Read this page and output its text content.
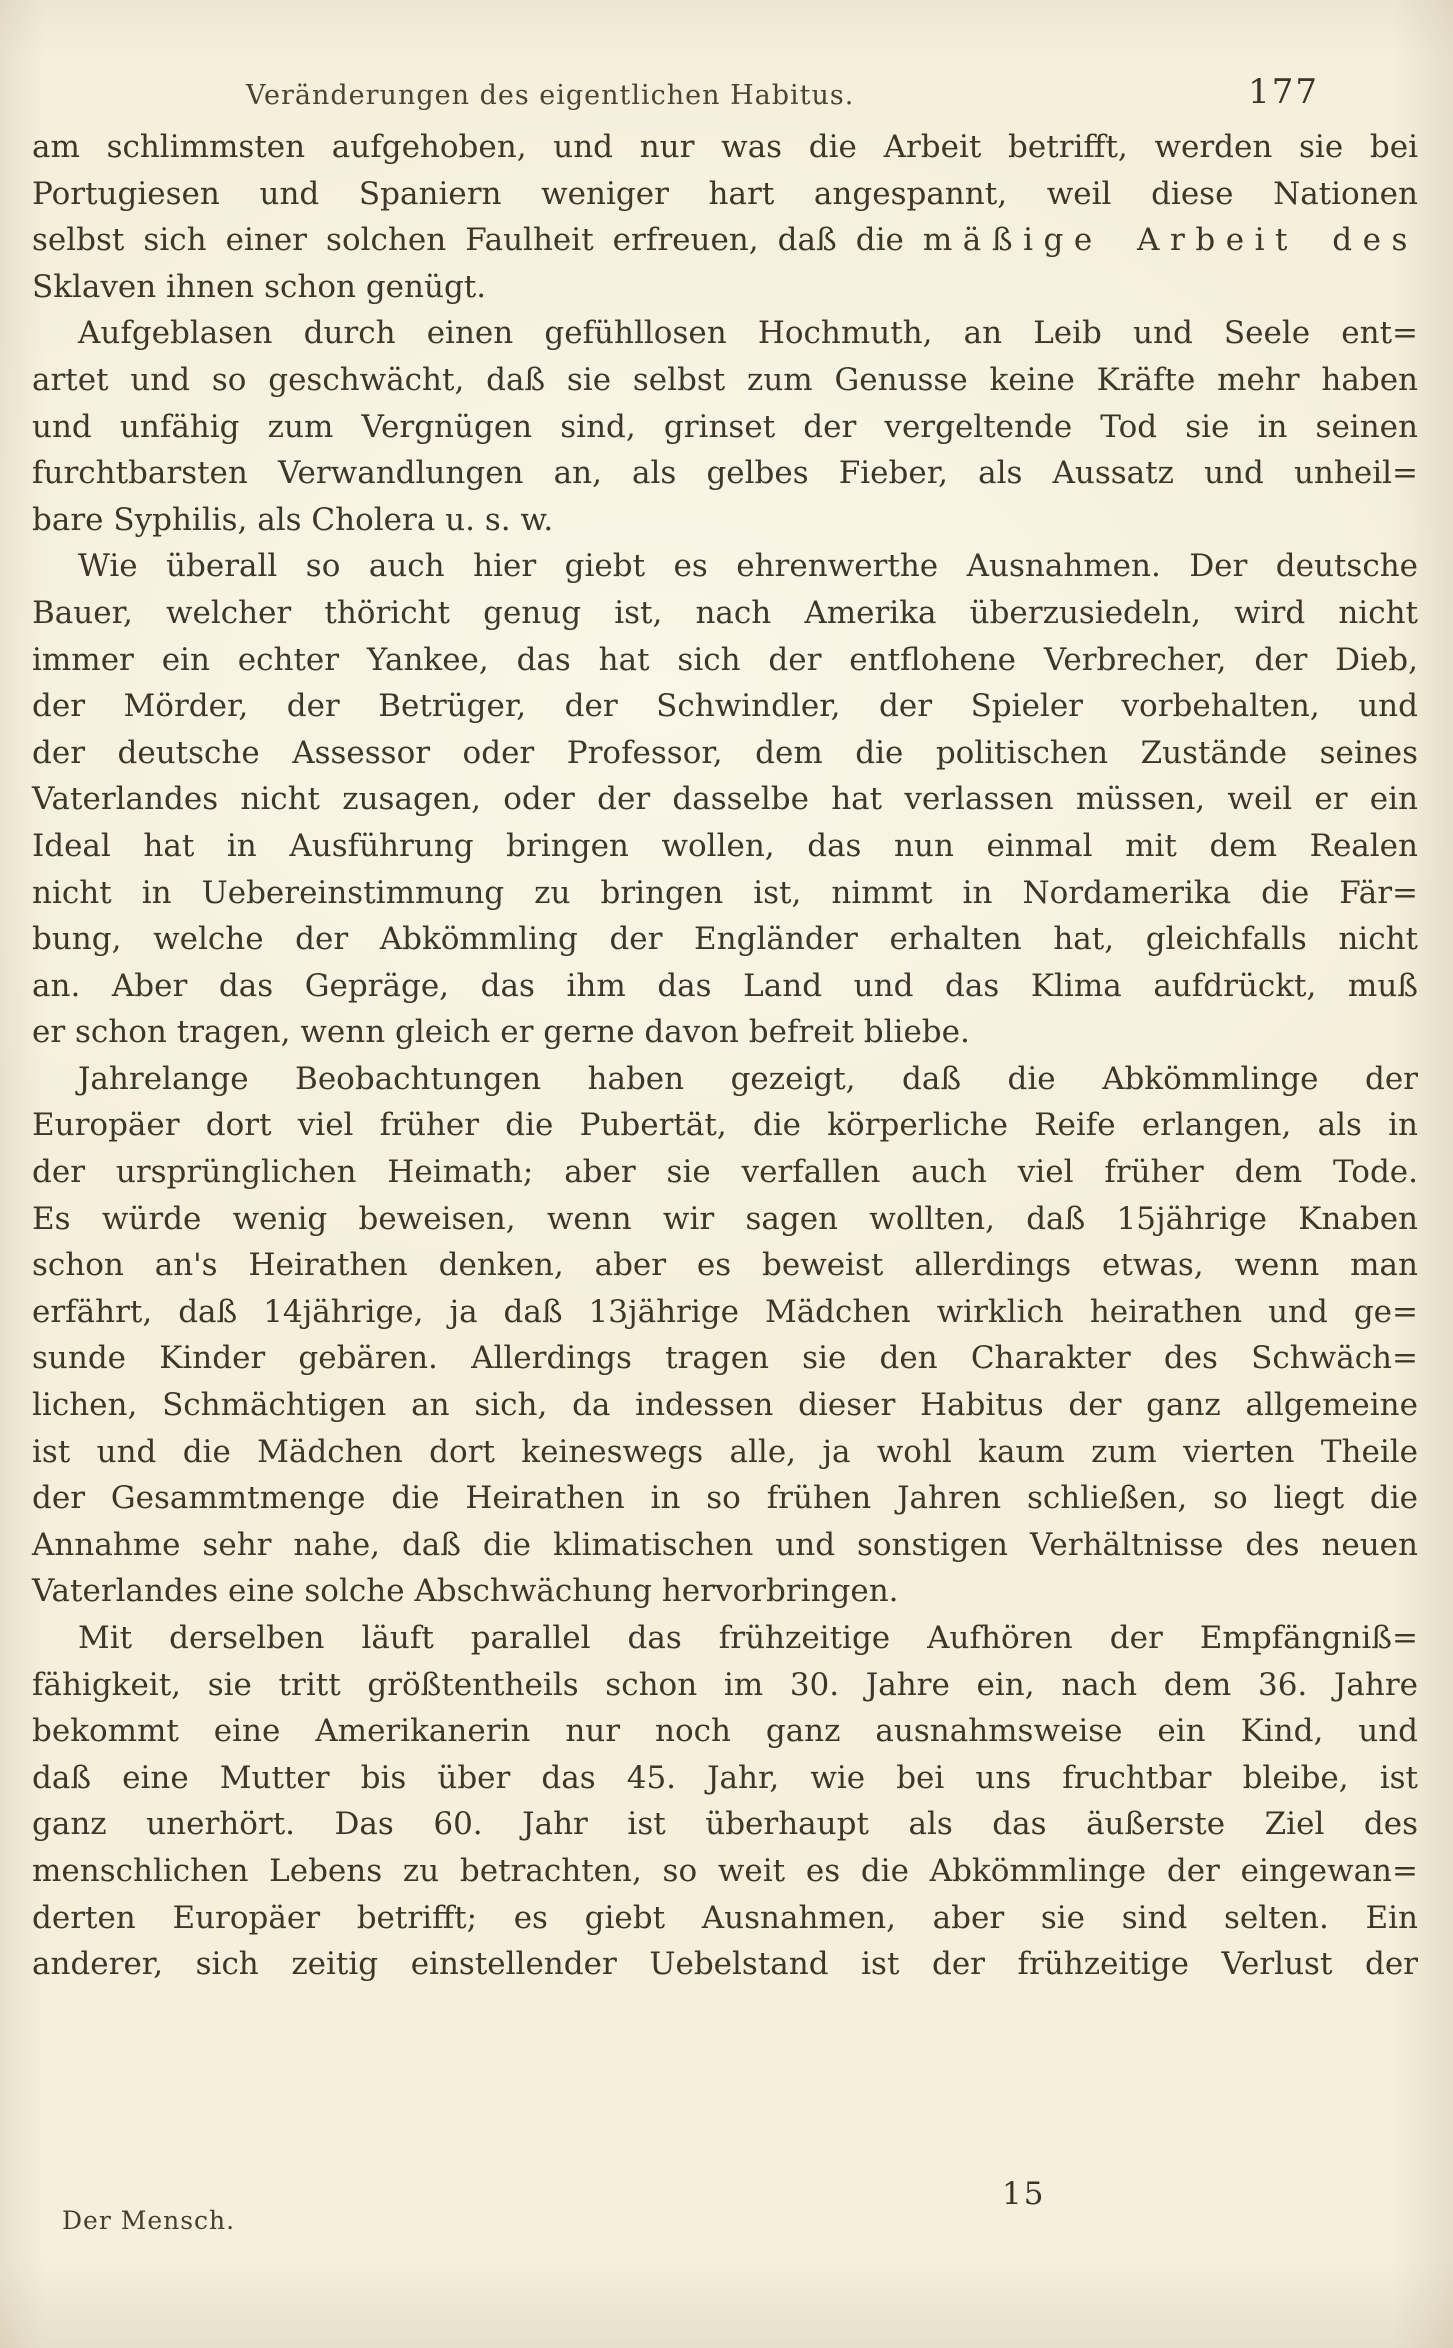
Veränderungen des eigentlichen Habitus.	177
am schlimmsten aufgehoben, und nur was die Arbeit betrifft, werden sie bei
Portugiesen und Spaniern weniger hart angespannt, weil diese Nationen
selbst sich einer solchen Faulheit erfreuen, daß die mäßige Arbeit des
Sklaven ihnen schon genügt.
Aufgeblasen durch einen gefühllosen Hochmuth, an Leib und Seele ent=
artet und so geschwächt, daß sie selbst zum Genusse keine Kräfte mehr haben
und unfähig zum Vergnügen sind, grinset der vergeltende Tod sie in seinen
furchtbarsten Verwandlungen an, als gelbes Fieber, als Aussatz und unheil=
bare Syphilis, als Cholera u. s. w.
Wie überall so auch hier giebt es ehrenwerthe Ausnahmen. Der deutsche
Bauer, welcher thöricht genug ist, nach Amerika überzusiedeln, wird nicht
immer ein echter Yankee, das hat sich der entflohene Verbrecher, der Dieb,
der Mörder, der Betrüger, der Schwindler, der Spieler vorbehalten, und
der deutsche Assessor oder Professor, dem die politischen Zustände seines
Vaterlandes nicht zusagen, oder der dasselbe hat verlassen müssen, weil er ein
Ideal hat in Ausführung bringen wollen, das nun einmal mit dem Realen
nicht in Uebereinstimmung zu bringen ist, nimmt in Nordamerika die Fär=
bung, welche der Abkömmling der Engländer erhalten hat, gleichfalls nicht
an. Aber das Gepräge, das ihm das Land und das Klima aufdrückt, muß
er schon tragen, wenn gleich er gerne davon befreit bliebe.
Jahrelange Beobachtungen haben gezeigt, daß die Abkömmlinge der
Europäer dort viel früher die Pubertät, die körperliche Reife erlangen, als in
der ursprünglichen Heimath; aber sie verfallen auch viel früher dem Tode.
Es würde wenig beweisen, wenn wir sagen wollten, daß 15jährige Knaben
schon an's Heirathen denken, aber es beweist allerdings etwas, wenn man
erfährt, daß 14jährige, ja daß 13jährige Mädchen wirklich heirathen und ge=
sunde Kinder gebären. Allerdings tragen sie den Charakter des Schwäch=
lichen, Schmächtigen an sich, da indessen dieser Habitus der ganz allgemeine
ist und die Mädchen dort keineswegs alle, ja wohl kaum zum vierten Theile
der Gesammtmenge die Heirathen in so frühen Jahren schließen, so liegt die
Annahme sehr nahe, daß die klimatischen und sonstigen Verhältnisse des neuen
Vaterlandes eine solche Abschwächung hervorbringen.
Mit derselben läuft parallel das frühzeitige Aufhören der Empfängniß=
fähigkeit, sie tritt größtentheils schon im 30. Jahre ein, nach dem 36. Jahre
bekommt eine Amerikanerin nur noch ganz ausnahmsweise ein Kind, und
daß eine Mutter bis über das 45. Jahr, wie bei uns fruchtbar bleibe, ist
ganz unerhört. Das 60. Jahr ist überhaupt als das äußerste Ziel des
menschlichen Lebens zu betrachten, so weit es die Abkömmlinge der eingewan=
derten Europäer betrifft; es giebt Ausnahmen, aber sie sind selten. Ein
anderer, sich zeitig einstellender Uebelstand ist der frühzeitige Verlust der
Der Mensch.
15
